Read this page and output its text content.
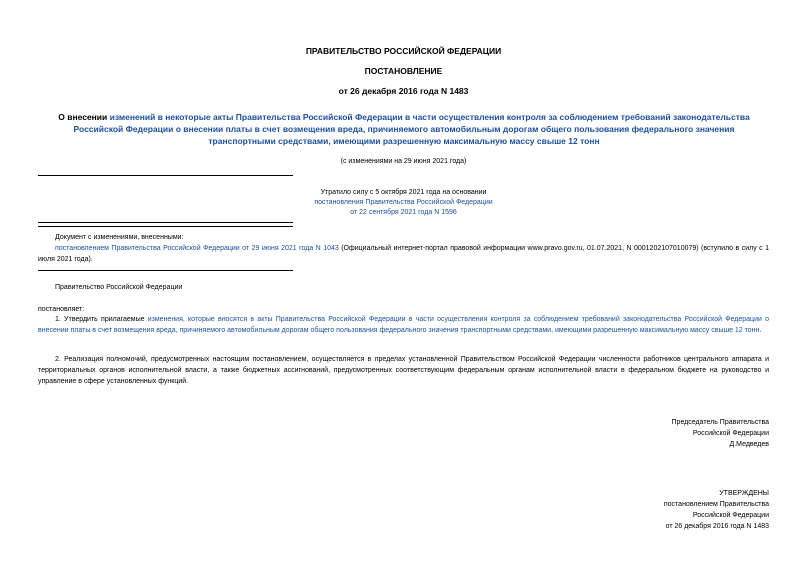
ПРАВИТЕЛЬСТВО РОССИЙСКОЙ ФЕДЕРАЦИИ
ПОСТАНОВЛЕНИЕ
от 26 декабря 2016 года N 1483
О внесении изменений в некоторые акты Правительства Российской Федерации в части осуществления контроля за соблюдением требований законодательства Российской Федерации о внесении платы в счет возмещения вреда, причиняемого автомобильным дорогам общего пользования федерального значения транспортными средствами, имеющими разрешенную максимальную массу свыше 12 тонн
(с изменениями на 29 июня 2021 года)
Утратило силу с 5 октября 2021 года на основании
постановления Правительства Российской Федерации
от 22 сентября 2021 года N 1596
Документ с изменениями, внесенными:
постановлением Правительства Российской Федерации от 29 июня 2021 года N 1043 (Официальный интернет-портал правовой информации www.pravo.gov.ru, 01.07.2021, N 0001202107010079) (вступило в силу с 1 июля 2021 года).
Правительство Российской Федерации
постановляет:
1. Утвердить прилагаемые изменения, которые вносятся в акты Правительства Российской Федерации в части осуществления контроля за соблюдением требований законодательства Российской Федерации о внесении платы в счет возмещения вреда, причиняемого автомобильным дорогам общего пользования федерального значения транспортными средствами, имеющими разрешенную максимальную массу свыше 12 тонн.
2. Реализация полномочий, предусмотренных настоящим постановлением, осуществляется в пределах установленной Правительством Российской Федерации численности работников центрального аппарата и территориальных органов исполнительной власти, а также бюджетных ассигнований, предусмотренных соответствующим федеральным органам исполнительной власти в федеральном бюджете на руководство и управление в сфере установленных функций.
Председатель Правительства
Российской Федерации
Д.Медведев
УТВЕРЖДЕНЫ
постановлением Правительства
Российской Федерации
от 26 декабря 2016 года N 1483
